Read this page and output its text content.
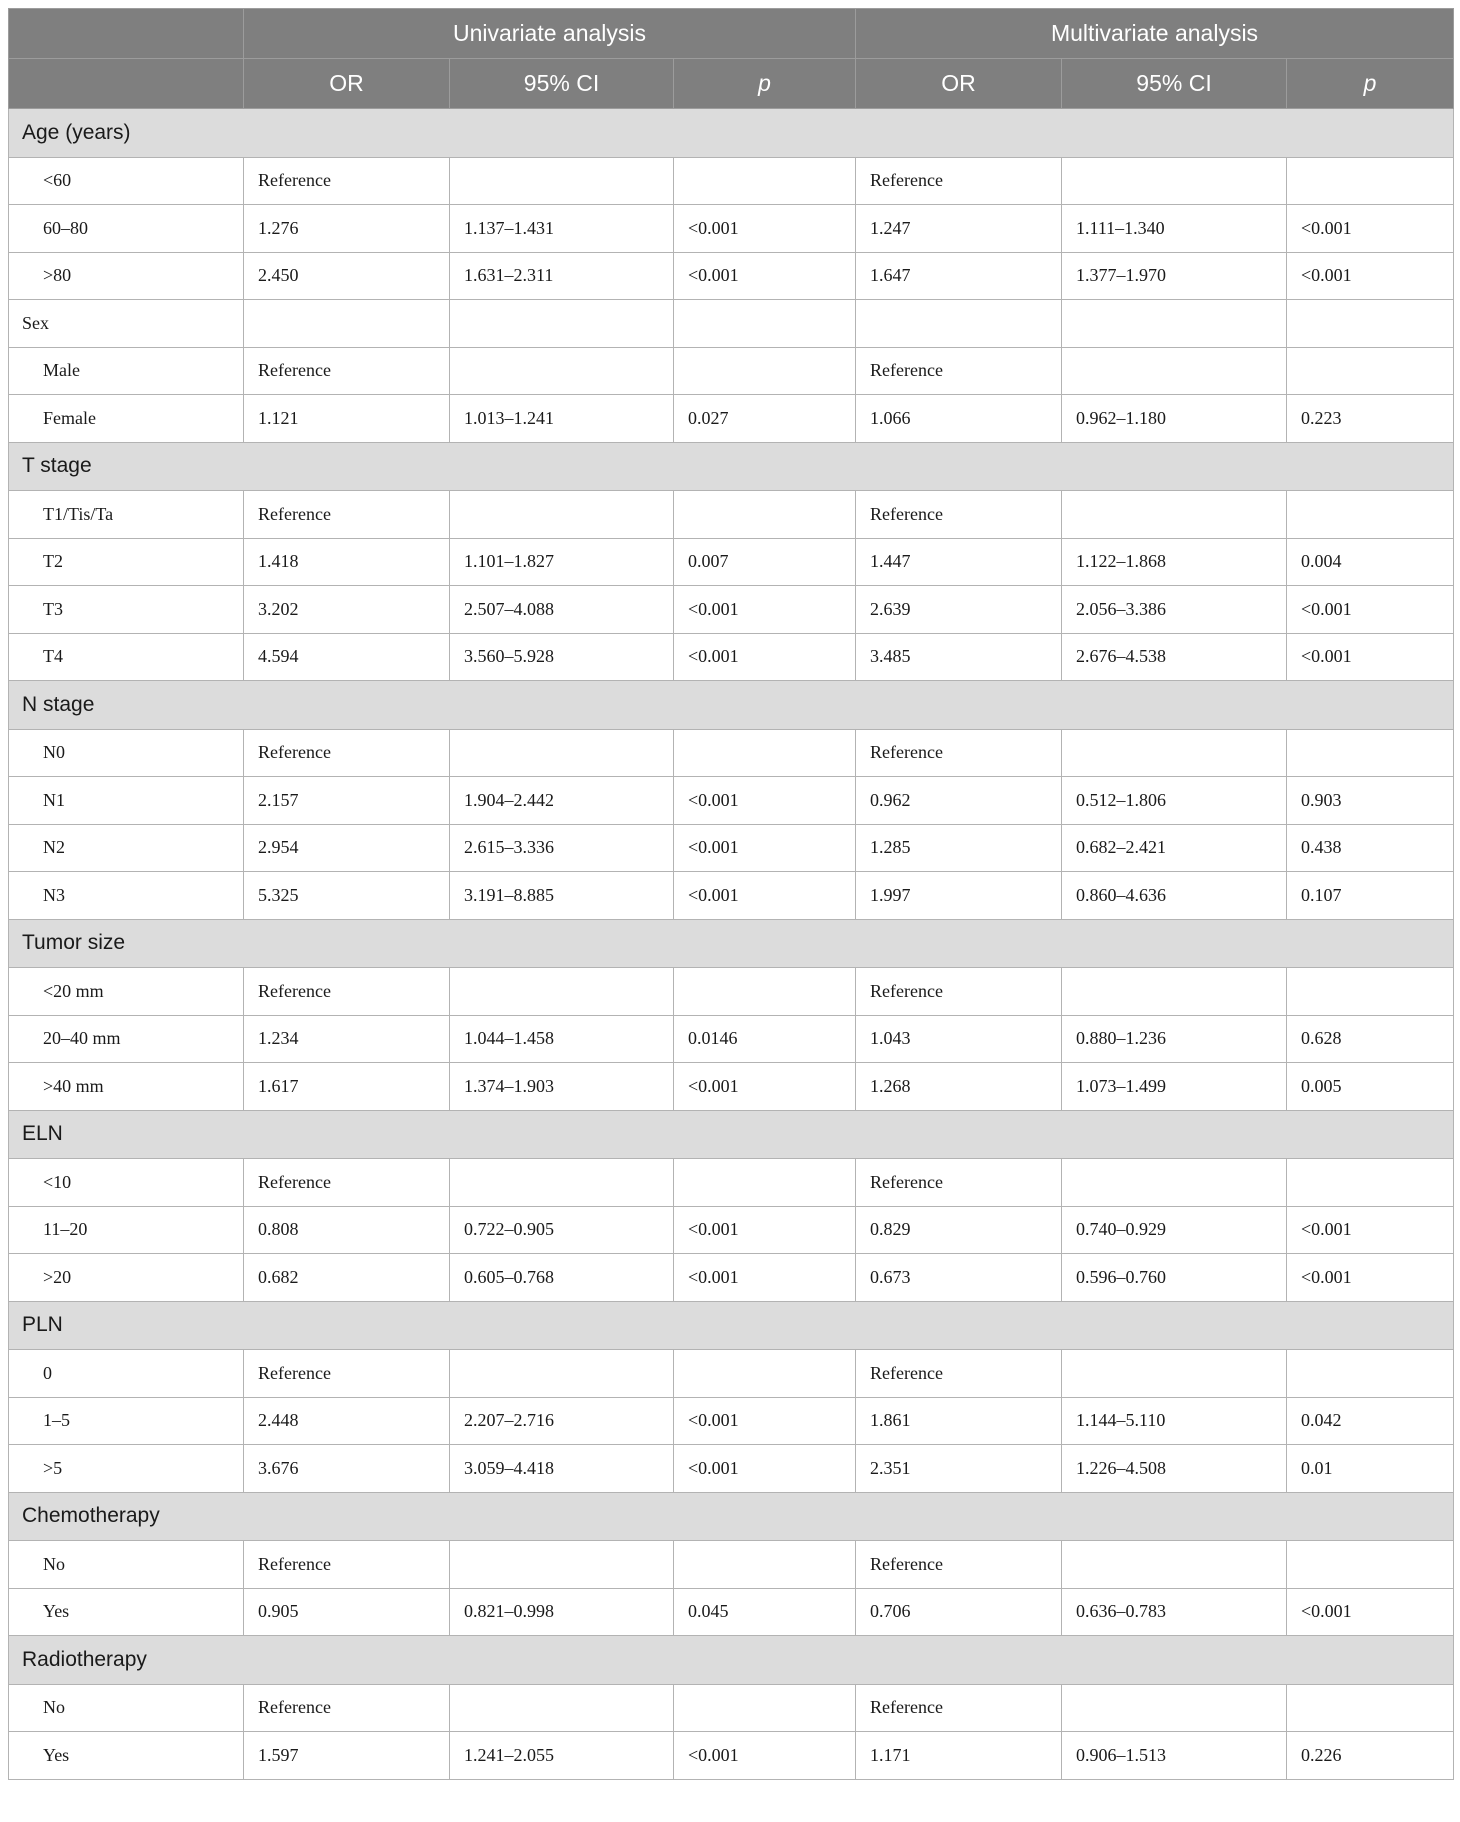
	Univariate analysis			Multivariate analysis		
	OR	95% CI	p	OR	95% CI	p
Age (years)						
<60	Reference			Reference		
60–80	1.276	1.137–1.431	<0.001	1.247	1.111–1.340	<0.001
>80	2.450	1.631–2.311	<0.001	1.647	1.377–1.970	<0.001
Sex						
Male	Reference			Reference		
Female	1.121	1.013–1.241	0.027	1.066	0.962–1.180	0.223
T stage						
T1/Tis/Ta	Reference			Reference		
T2	1.418	1.101–1.827	0.007	1.447	1.122–1.868	0.004
T3	3.202	2.507–4.088	<0.001	2.639	2.056–3.386	<0.001
T4	4.594	3.560–5.928	<0.001	3.485	2.676–4.538	<0.001
N stage						
N0	Reference			Reference		
N1	2.157	1.904–2.442	<0.001	0.962	0.512–1.806	0.903
N2	2.954	2.615–3.336	<0.001	1.285	0.682–2.421	0.438
N3	5.325	3.191–8.885	<0.001	1.997	0.860–4.636	0.107
Tumor size						
<20 mm	Reference			Reference		
20–40 mm	1.234	1.044–1.458	0.0146	1.043	0.880–1.236	0.628
>40 mm	1.617	1.374–1.903	<0.001	1.268	1.073–1.499	0.005
ELN						
<10	Reference			Reference		
11–20	0.808	0.722–0.905	<0.001	0.829	0.740–0.929	<0.001
>20	0.682	0.605–0.768	<0.001	0.673	0.596–0.760	<0.001
PLN						
0	Reference			Reference		
1–5	2.448	2.207–2.716	<0.001	1.861	1.144–5.110	0.042
>5	3.676	3.059–4.418	<0.001	2.351	1.226–4.508	0.01
Chemotherapy						
No	Reference			Reference		
Yes	0.905	0.821–0.998	0.045	0.706	0.636–0.783	<0.001
Radiotherapy						
No	Reference			Reference		
Yes	1.597	1.241–2.055	<0.001	1.171	0.906–1.513	0.226
